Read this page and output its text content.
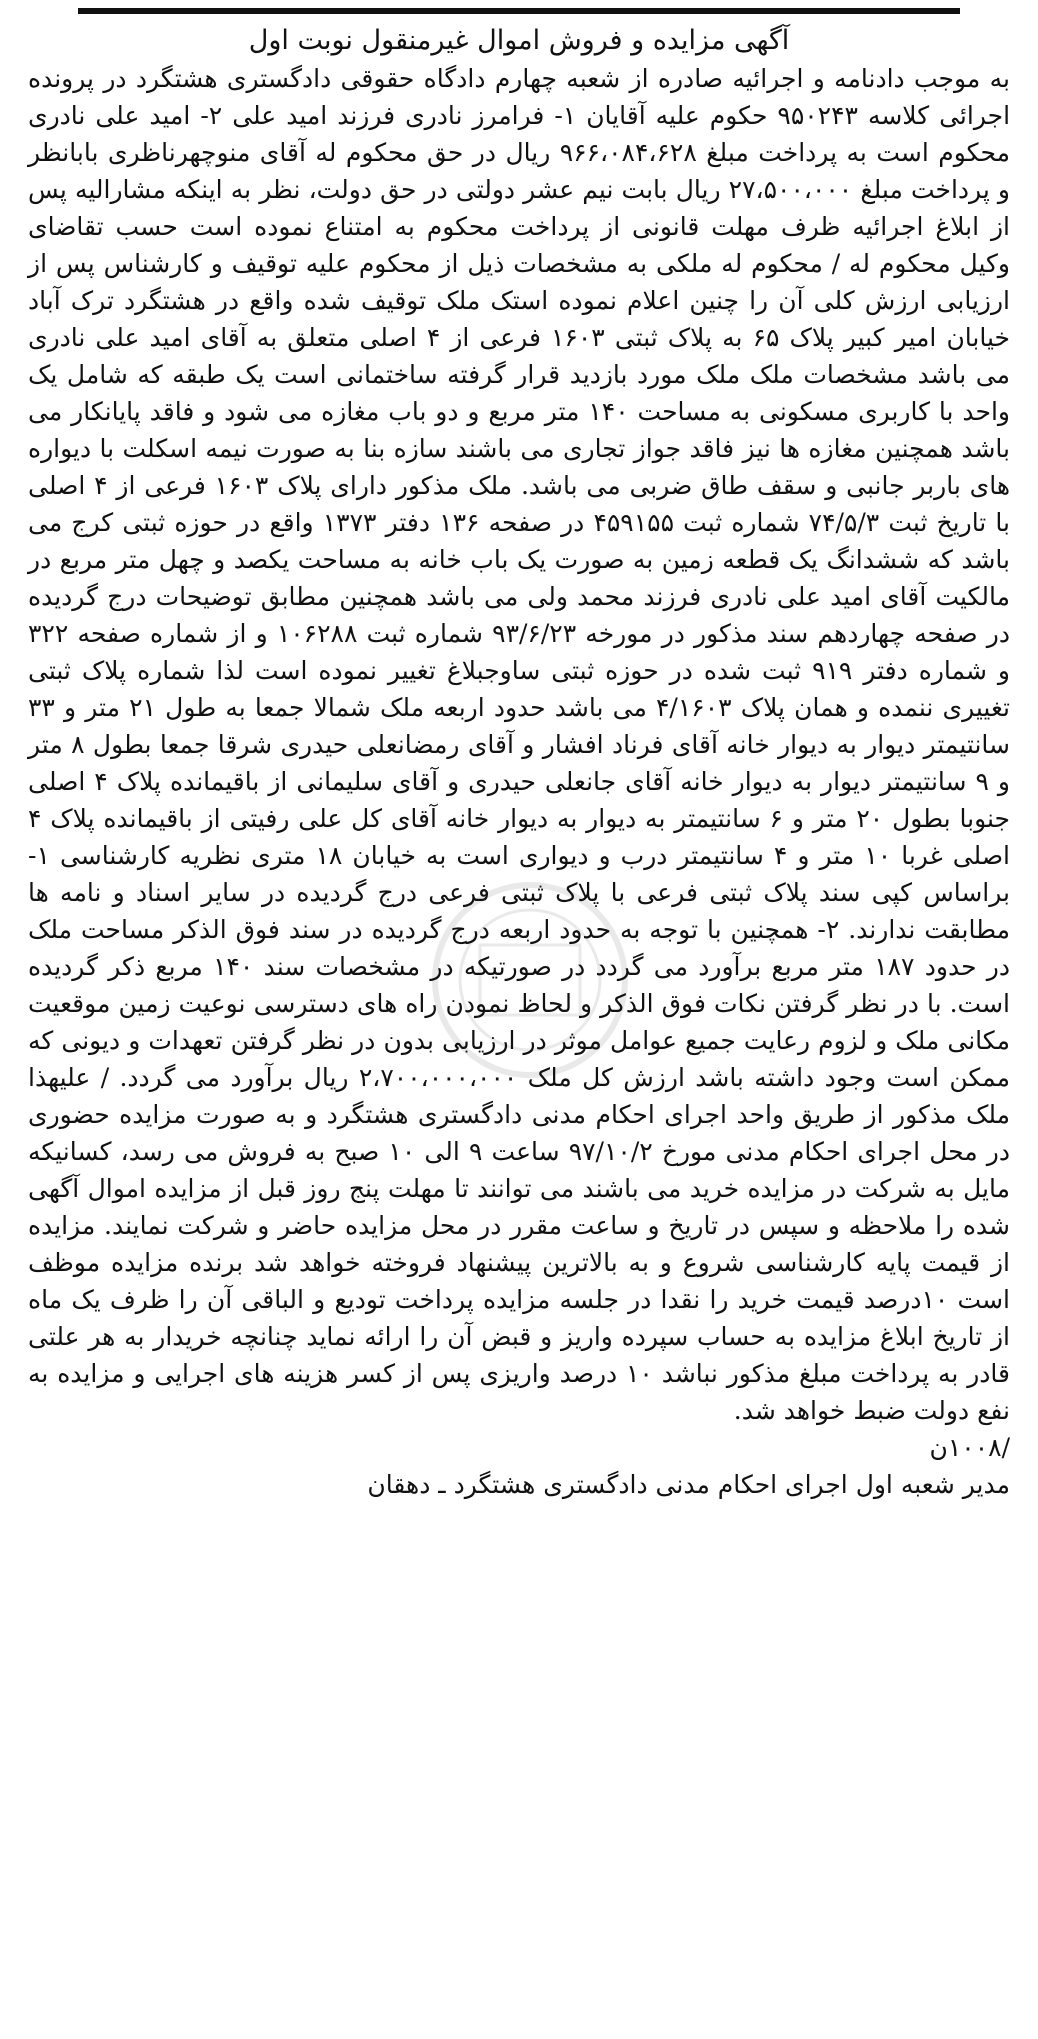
آگهی مزایده و فروش اموال غیرمنقول نوبت اول

به موجب دادنامه و اجرائیه صادره از شعبه چهارم دادگاه حقوقی دادگستری هشتگرد در پرونده اجرائی کلاسه ۹۵۰۲۴۳ حکوم علیه آقایان ۱- فرامرز نادری فرزند امید علی ۲- امید علی نادری محکوم است به پرداخت مبلغ ۹۶۶،۰۸۴،۶۲۸ ریال در حق محکوم له آقای منوچهرناظری بابانظر و پرداخت مبلغ ۲۷،۵۰۰،۰۰۰ ریال بابت نیم عشر دولتی در حق دولت، نظر به اینکه مشارالیه پس از ابلاغ اجرائیه ظرف مهلت قانونی از پرداخت محکوم به امتناع نموده است حسب تقاضای وکیل محکوم له / محکوم له ملکی به مشخصات ذیل از محکوم علیه توقیف و کارشناس پس از ارزیابی ارزش کلی آن را چنین اعلام نموده استک ملک توقیف شده واقع در هشتگرد ترک آباد خیابان امیر کبیر پلاک ۶۵ به پلاک ثبتی ۱۶۰۳ فرعی از ۴ اصلی متعلق به آقای امید علی نادری می باشد مشخصات ملک ملک مورد بازدید قرار گرفته ساختمانی است یک طبقه که شامل یک واحد با کاربری مسکونی به مساحت ۱۴۰ متر مربع و دو باب مغازه می شود و فاقد پایانکار می باشد همچنین مغازه ها نیز فاقد جواز تجاری می باشند سازه بنا به صورت نیمه اسکلت با دیواره های باربر جانبی و سقف طاق ضربی می باشد. ملک مذکور دارای پلاک ۱۶۰۳ فرعی از ۴ اصلی با تاریخ ثبت ۷۴/۵/۳ شماره ثبت ۴۵۹۱۵۵ در صفحه ۱۳۶ دفتر ۱۳۷۳ واقع در حوزه ثبتی کرج می باشد که ششدانگ یک قطعه زمین به صورت یک باب خانه به مساحت یکصد و چهل متر مربع در مالکیت آقای امید علی نادری فرزند محمد ولی می باشد همچنین مطابق توضیحات درج گردیده در صفحه چهاردهم سند مذکور در مورخه ۹۳/۶/۲۳ شماره ثبت ۱۰۶۲۸۸ و از شماره صفحه ۳۲۲ و شماره دفتر ۹۱۹ ثبت شده در حوزه ثبتی ساوجبلاغ تغییر نموده است لذا شماره پلاک ثبتی تغییری ننمده و همان پلاک ۴/۱۶۰۳ می باشد حدود اربعه ملک شمالا جمعا به طول ۲۱ متر و ۳۳ سانتیمتر دیوار به دیوار خانه آقای فرناد افشار و آقای رمضانعلی حیدری شرقا جمعا بطول ۸ متر و ۹ سانتیمتر دیوار به دیوار خانه آقای جانعلی حیدری و آقای سلیمانی از باقیمانده پلاک ۴ اصلی جنوبا بطول ۲۰ متر و ۶ سانتیمتر به دیوار به دیوار خانه آقای کل علی رفیتی از باقیمانده پلاک ۴ اصلی غربا ۱۰ متر و ۴ سانتیمتر درب و دیواری است به خیابان ۱۸ متری نظریه کارشناسی ۱- براساس کپی سند پلاک ثبتی فرعی با پلاک ثبتی فرعی درج گردیده در سایر اسناد و نامه ها مطابقت ندارند. ۲- همچنین با توجه به حدود اربعه درج گردیده در سند فوق الذکر مساحت ملک در حدود ۱۸۷ متر مربع برآورد می گردد در صورتیکه در مشخصات سند ۱۴۰ مربع ذکر گردیده است. با در نظر گرفتن نکات فوق الذکر و لحاظ نمودن راه های دسترسی نوعیت زمین موقعیت مکانی ملک و لزوم رعایت جمیع عوامل موثر در ارزیابی بدون در نظر گرفتن تعهدات و دیونی که ممکن است وجود داشته باشد ارزش کل ملک ۲،۷۰۰،۰۰۰،۰۰۰ ریال برآورد می گردد. / علیهذا ملک مذکور از طریق واحد اجرای احکام مدنی دادگستری هشتگرد و به صورت مزایده حضوری در محل اجرای احکام مدنی مورخ ۹۷/۱۰/۲ ساعت ۹ الی ۱۰ صبح به فروش می رسد، کسانیکه مایل به شرکت در مزایده خرید می باشند می توانند تا مهلت پنج روز قبل از مزایده اموال آگهی شده را ملاحظه و سپس در تاریخ و ساعت مقرر در محل مزایده حاضر و شرکت نمایند. مزایده از قیمت پایه کارشناسی شروع و به بالاترین پیشنهاد فروخته خواهد شد برنده مزایده موظف است ۱۰درصد قیمت خرید را نقدا در جلسه مزایده پرداخت تودیع و الباقی آن را ظرف یک ماه از تاریخ ابلاغ مزایده به حساب سپرده واریز و قبض آن را ارائه نماید چنانچه خریدار به هر علتی قادر به پرداخت مبلغ مذکور نباشد ۱۰ درصد واریزی پس از کسر هزینه های اجرایی و مزایده به نفع دولت ضبط خواهد شد.

/۱۰۰۸ن

مدیر شعبه اول اجرای احکام مدنی دادگستری هشتگرد ـ دهقان
